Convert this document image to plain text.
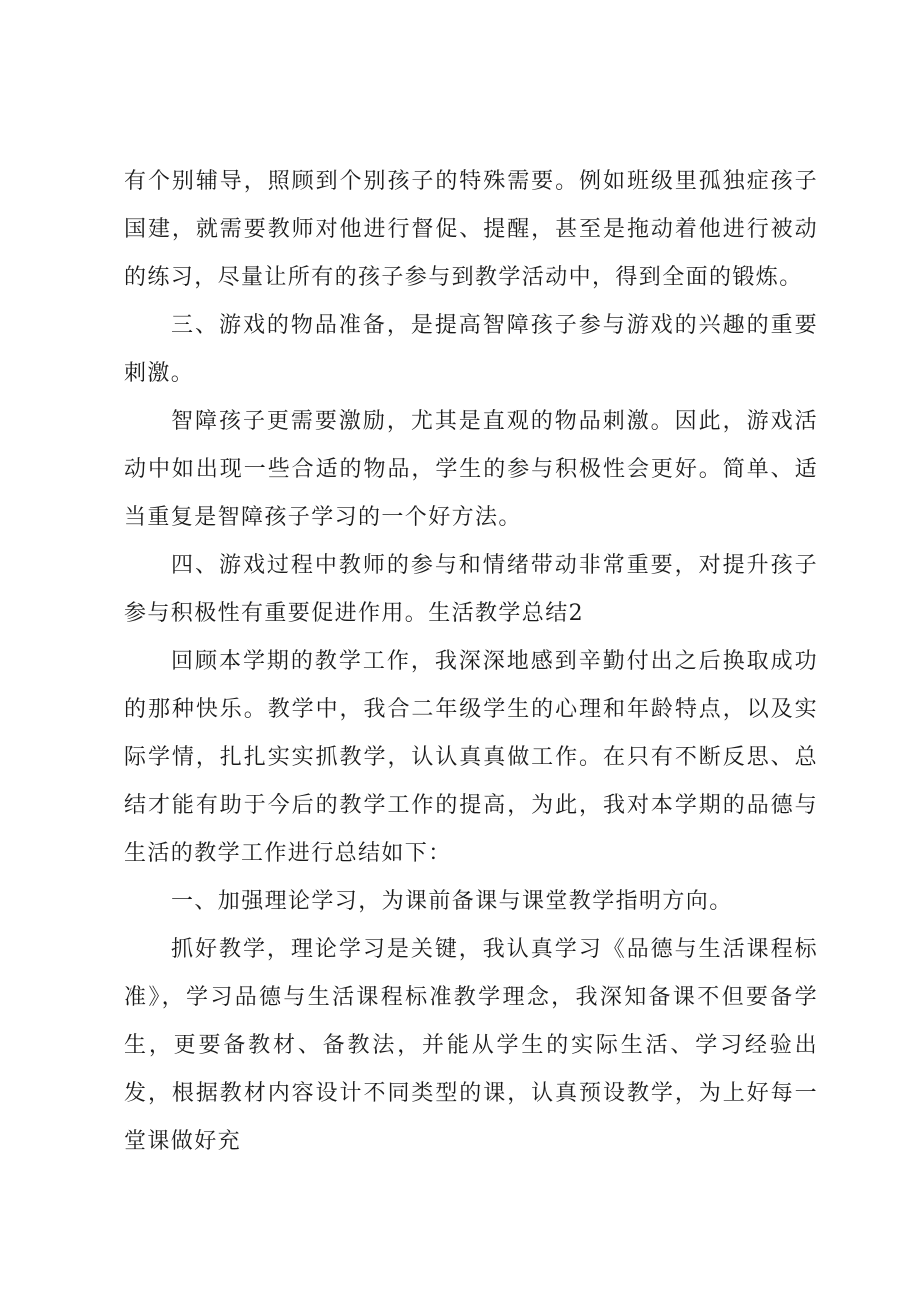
有个别辅导，照顾到个别孩子的特殊需要。例如班级里孤独症孩子国建，就需要教师对他进行督促、提醒，甚至是拖动着他进行被动的练习，尽量让所有的孩子参与到教学活动中，得到全面的锻炼。

三、游戏的物品准备，是提高智障孩子参与游戏的兴趣的重要刺激。

智障孩子更需要激励，尤其是直观的物品刺激。因此，游戏活动中如出现一些合适的物品，学生的参与积极性会更好。简单、适当重复是智障孩子学习的一个好方法。

四、游戏过程中教师的参与和情绪带动非常重要，对提升孩子参与积极性有重要促进作用。生活教学总结2

回顾本学期的教学工作，我深深地感到辛勤付出之后换取成功的那种快乐。教学中，我合二年级学生的心理和年龄特点，以及实际学情，扎扎实实抓教学，认认真真做工作。在只有不断反思、总结才能有助于今后的教学工作的提高，为此，我对本学期的品德与生活的教学工作进行总结如下：

一、加强理论学习，为课前备课与课堂教学指明方向。

抓好教学，理论学习是关键，我认真学习《品德与生活课程标准》，学习品德与生活课程标准教学理念，我深知备课不但要备学生，更要备教材、备教法，并能从学生的实际生活、学习经验出发，根据教材内容设计不同类型的课，认真预设教学，为上好每一堂课做好充
